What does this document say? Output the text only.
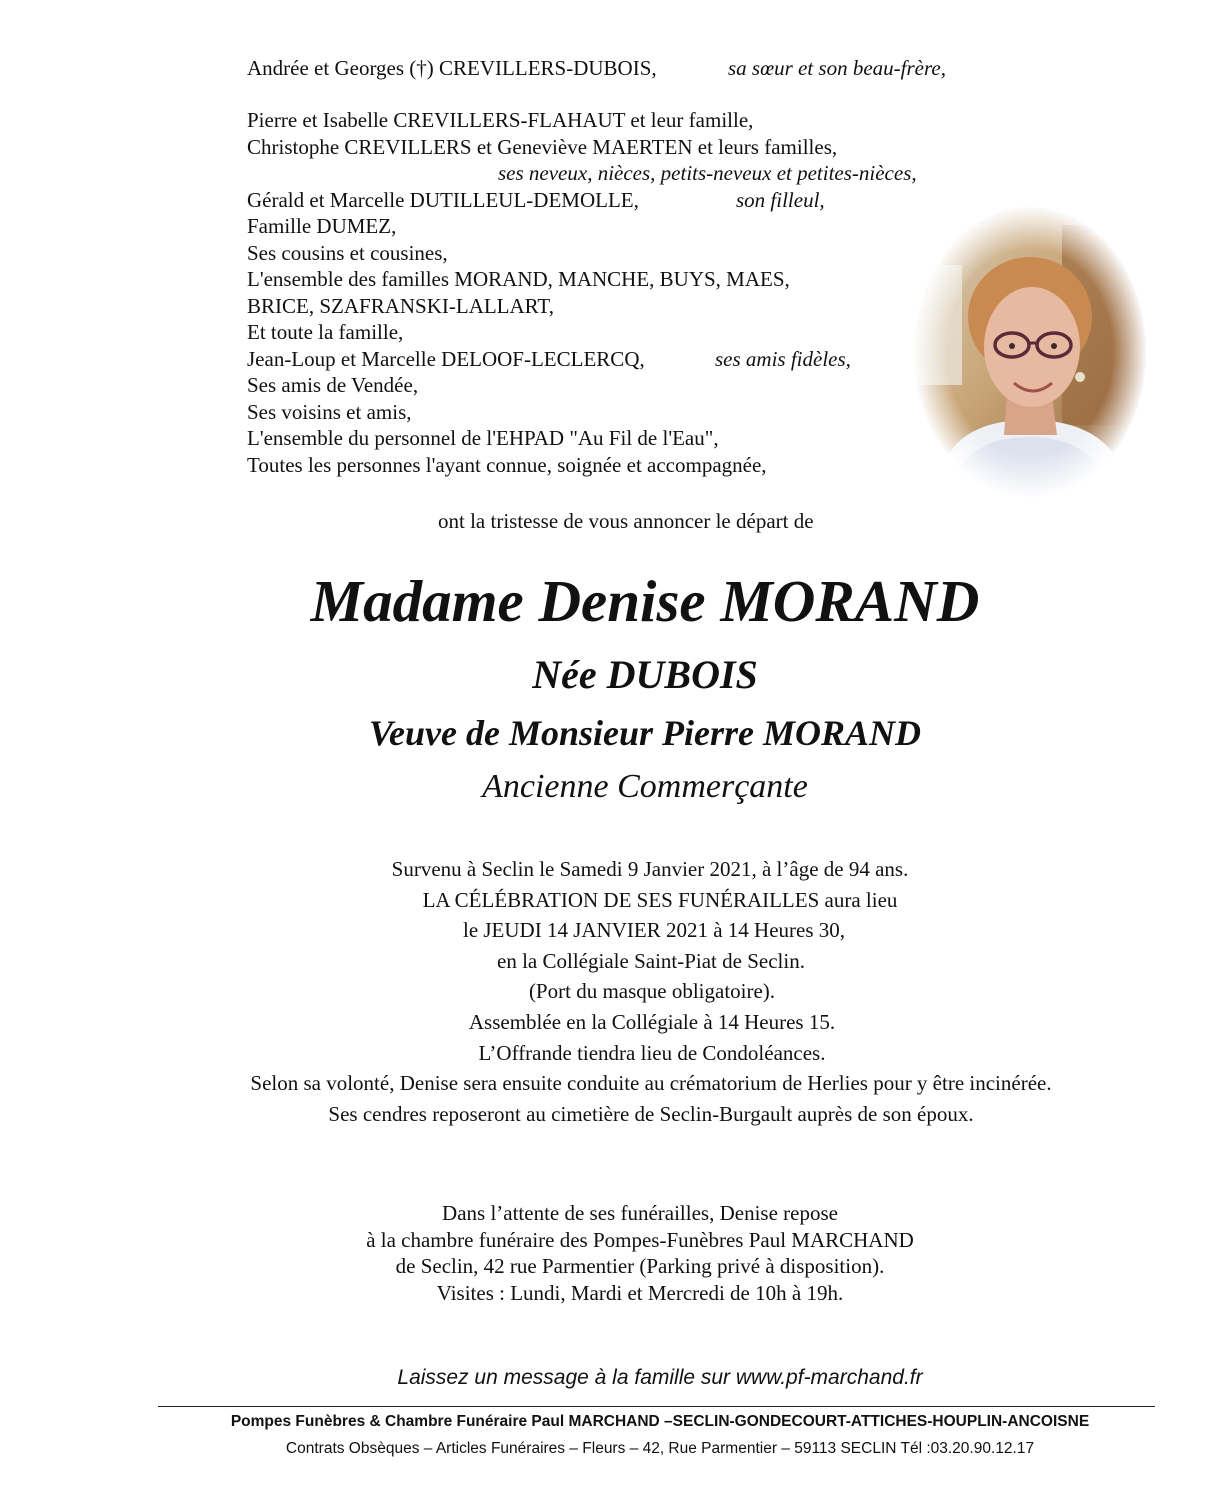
Andrée et Georges (†) CREVILLERS-DUBOIS,	sa sœur et son beau-frère,
Pierre et Isabelle CREVILLERS-FLAHAUT et leur famille,
Christophe CREVILLERS et Geneviève MAERTEN et leurs familles,
ses neveux, nièces, petits-neveux et petites-nièces,
Gérald et Marcelle DUTILLEUL-DEMOLLE,	son filleul,
Famille DUMEZ,
Ses cousins et cousines,
L'ensemble des familles MORAND, MANCHE, BUYS, MAES,
BRICE, SZAFRANSKI-LALLART,
Et toute la famille,
Jean-Loup et Marcelle DELOOF-LECLERCQ,	ses amis fidèles,
Ses amis de Vendée,
Ses voisins et amis,
L'ensemble du personnel de l'EHPAD "Au Fil de l'Eau",
Toutes les personnes l'ayant connue, soignée et accompagnée,
ont la tristesse de vous annoncer le départ de
Madame Denise MORAND
Née DUBOIS
Veuve de Monsieur Pierre MORAND
Ancienne Commerçante
Survenu à Seclin le Samedi 9 Janvier 2021, à l’âge de 94 ans.
LA CÉLÉBRATION DE SES FUNÉRAILLES aura lieu
le JEUDI 14 JANVIER 2021 à 14 Heures 30,
en la Collégiale Saint-Piat de Seclin.
(Port du masque obligatoire).
Assemblée en la Collégiale à 14 Heures 15.
L’Offrande tiendra lieu de Condoléances.
Selon sa volonté, Denise sera ensuite conduite au crématorium de Herlies pour y être incinérée.
Ses cendres reposeront au cimetière de Seclin-Burgault auprès de son époux.
Dans l’attente de ses funérailles, Denise repose
à la chambre funéraire des Pompes-Funèbres Paul MARCHAND
de Seclin, 42 rue Parmentier (Parking privé à disposition).
Visites : Lundi, Mardi et Mercredi de 10h à 19h.
Laissez un message à la famille sur www.pf-marchand.fr
Pompes Funèbres & Chambre Funéraire Paul MARCHAND –SECLIN-GONDECOURT-ATTICHES-HOUPLIN-ANCOISNE
Contrats Obsèques – Articles Funéraires – Fleurs – 42, Rue Parmentier – 59113 SECLIN Tél :03.20.90.12.17
